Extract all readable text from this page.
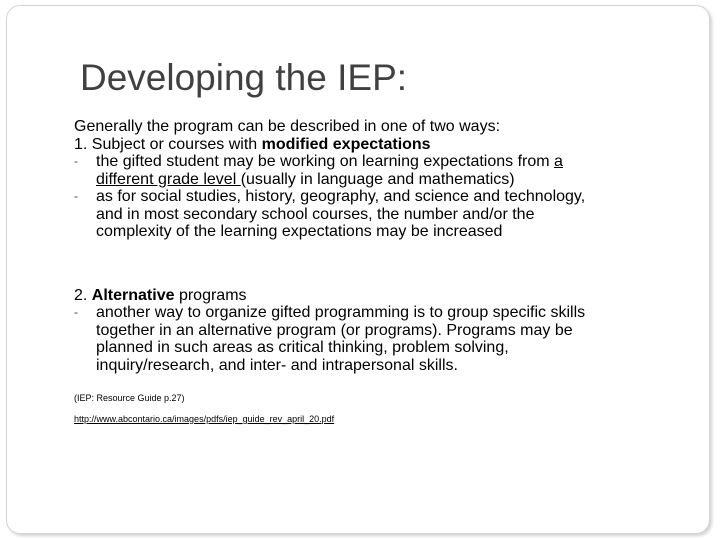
Developing the IEP:
Generally the program can be described in one of two ways:
1. Subject or courses with modified expectations
- the gifted student may be working on learning expectations from a
different grade level (usually in language and mathematics)
- as for social studies, history, geography, and science and technology,
and in most secondary school courses, the number and/or the
complexity of the learning expectations may be increased
2. Alternative programs
- another way to organize gifted programming is to group specific skills
together in an alternative program (or programs). Programs may be
planned in such areas as critical thinking, problem solving,
inquiry/research, and inter- and intrapersonal skills.
(IEP: Resource Guide p.27)
http://www.abcontario.ca/images/pdfs/iep_guide_rev_april_20.pdf
